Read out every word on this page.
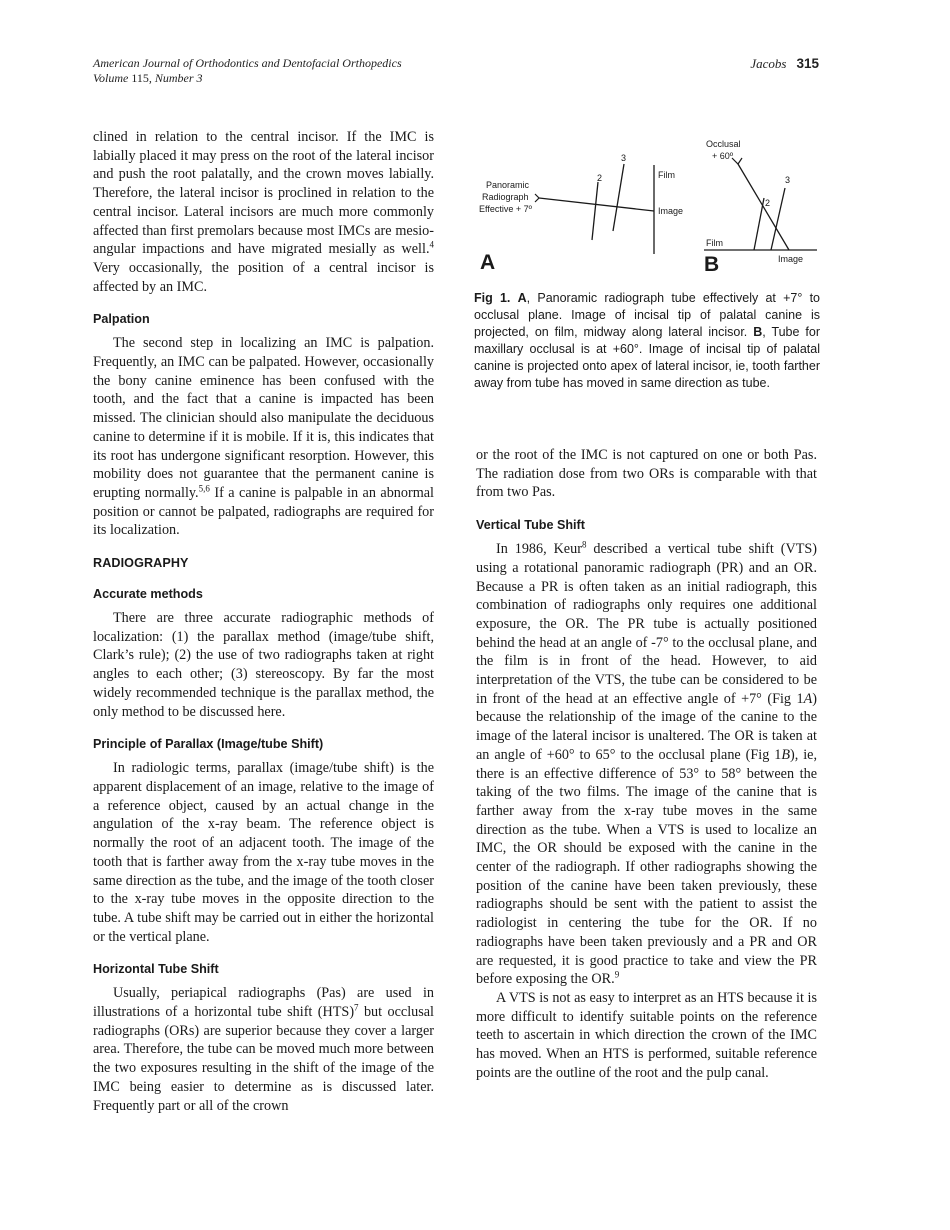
American Journal of Orthodontics and Dentofacial Orthopedics
Volume 115, Number 3
Jacobs 315

clined in relation to the central incisor. If the IMC is labially placed it may press on the root of the lateral incisor and push the root palatally, and the crown moves labially. Therefore, the lateral incisor is proclined in relation to the central incisor. Lateral incisors are much more commonly affected than first premolars because most IMCs are mesio-angular impactions and have migrated mesially as well.$^4$ Very occasionally, the position of a central incisor is affected by an IMC.

Palpation

The second step in localizing an IMC is palpation. Frequently, an IMC can be palpated. However, occasionally the bony canine eminence has been confused with the tooth, and the fact that a canine is impacted has been missed. The clinician should also manipulate the deciduous canine to determine if it is mobile. If it is, this indicates that its root has undergone significant resorption. However, this mobility does not guarantee that the permanent canine is erupting normally.$^{5,6}$ If a canine is palpable in an abnormal position or cannot be palpated, radiographs are required for its localization.

RADIOGRAPHY
Accurate methods

There are three accurate radiographic methods of localization: (1) the parallax method (image/tube shift, Clark’s rule); (2) the use of two radiographs taken at right angles to each other; (3) stereoscopy. By far the most widely recommended technique is the parallax method, the only method to be discussed here.

Principle of Parallax (Image/tube Shift)

In radiologic terms, parallax (image/tube shift) is the apparent displacement of an image, relative to the image of a reference object, caused by an actual change in the angulation of the x-ray beam. The reference object is normally the root of an adjacent tooth. The image of the tooth that is farther away from the x-ray tube moves in the same direction as the tube, and the image of the tooth closer to the x-ray tube moves in the opposite direction to the tube. A tube shift may be carried out in either the horizontal or the vertical plane.

Horizontal Tube Shift

Usually, periapical radiographs (Pas) are used in illustrations of a horizontal tube shift (HTS)$^7$ but occlusal radiographs (ORs) are superior because they cover a larger area. Therefore, the tube can be moved much more between the two exposures resulting in the shift of the image of the IMC being easier to determine as is discussed later. Frequently part or all of the crown

Panoramic
Radiograph
Effective + 7º
2
3
Film
Image
A
Occlusal
+ 60º
2
3
Film
Image
B
Fig 1. A, Panoramic radiograph tube effectively at +7° to occlusal plane. Image of incisal tip of palatal canine is projected, on film, midway along lateral incisor. B, Tube for maxillary occlusal is at +60°. Image of incisal tip of palatal canine is projected onto apex of lateral incisor, ie, tooth farther away from tube has moved in same direction as tube.

or the root of the IMC is not captured on one or both Pas. The radiation dose from two ORs is comparable with that from two Pas.

Vertical Tube Shift

In 1986, Keur$^8$ described a vertical tube shift (VTS) using a rotational panoramic radiograph (PR) and an OR. Because a PR is often taken as an initial radiograph, this combination of radiographs only requires one additional exposure, the OR. The PR tube is actually positioned behind the head at an angle of -7° to the occlusal plane, and the film is in front of the head. However, to aid interpretation of the VTS, the tube can be considered to be in front of the head at an effective angle of +7° (Fig 1A) because the relationship of the image of the canine to the image of the lateral incisor is unaltered. The OR is taken at an angle of +60° to 65° to the occlusal plane (Fig 1B), ie, there is an effective difference of 53° to 58° between the taking of the two films. The image of the canine that is farther away from the x-ray tube moves in the same direction as the tube. When a VTS is used to localize an IMC, the OR should be exposed with the canine in the center of the radiograph. If other radiographs showing the position of the canine have been taken previously, these radiographs should be sent with the patient to assist the radiologist in centering the tube for the OR. If no radiographs have been taken previously and a PR and OR are requested, it is good practice to take and view the PR before exposing the OR.$^9$

A VTS is not as easy to interpret as an HTS because it is more difficult to identify suitable points on the reference teeth to ascertain in which direction the crown of the IMC has moved. When an HTS is performed, suitable reference points are the outline of the root and the pulp canal.
